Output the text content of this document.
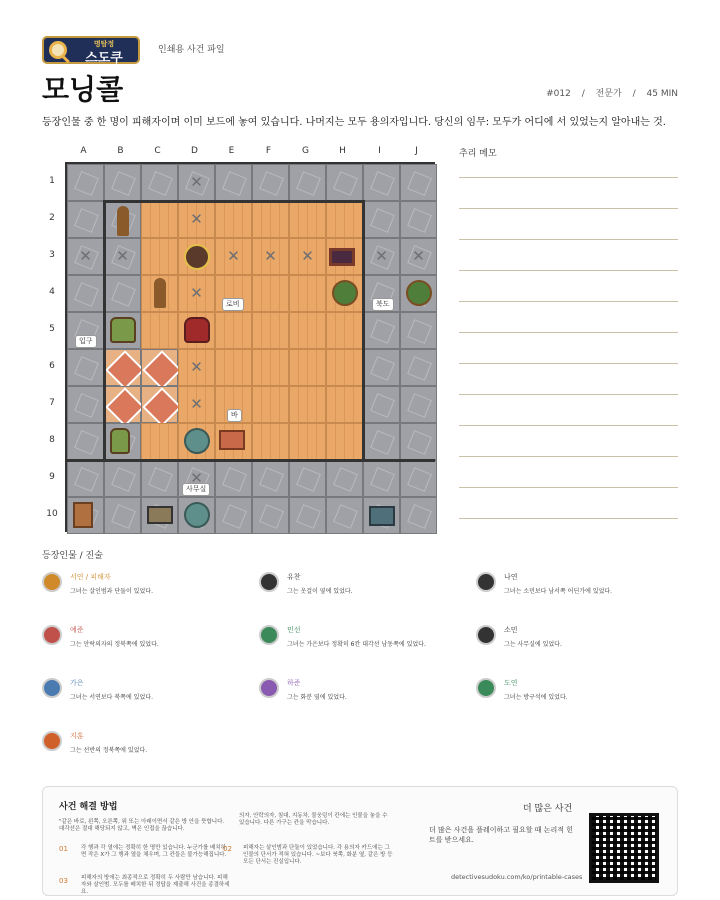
명탐정
스도쿠
인쇄용 사건 파일
모닝콜	#012 / 전문가 / 45 MIN
등장인물 중 한 명이 피해자이며 이미 보드에 놓여 있습니다. 나머지는 모두 용의자입니다. 당신의 임무: 모두가 어디에 서 있었는지 알아내는 것.
A	B	C	D	E	F	G	H	I	J
1
2
3
4
5
6
7
8
9
10
로비	북도
입구
바
사무실
✕
✕
✕	✕	✕	✕	✕	✕	✕
✕
✕
✕
✕
추리 메모
등장인물 / 진술
서연 / 피해자
그녀는 살인범과 단둘이 있었다.
유찬
그는 옷걸이 옆에 있었다.
나연
그녀는 소민보다 남서쪽 어딘가에 있었다.
예준
그는 안락의자의 정북쪽에 있었다.
민선
그녀는 가은보다 정확히 6칸 대각선 남동쪽에 있었다.
소민
그는 사무실에 있었다.
가은
그녀는 서연보다 북쪽에 있었다.
하준
그는 화분 옆에 있었다.
도연
그녀는 방구석에 있었다.
지훈
그는 선반의 정북쪽에 있었다.
사건 해결 방법
"같은 바로, 왼쪽, 오른쪽, 위 또는 아래이면서 같은 방 안을 뜻합니다. 대각선은 절대 해당되지 않고, 벽은 인접을 끊습니다.
01 각 행과 각 열에는 정확히 한 명만 있습니다. 누군가를 배치하면 작은 X가 그 행과 열을 채우며, 그 칸들은 불가능해집니다.
의자, 안락의자, 침대, 지동차, 물웅덩이 칸에는 인물을 놓을 수 있습니다. 다른 가구는 칸을 막습니다.
02 피해자는 살인범과 단둘이 있었습니다. 각 용의자 카드에는 그 인물의 단서가 적혀 있습니다. ~보다 북쪽, 화분 옆, 같은 방 등 모든 단서는 진실입니다.
03 피해자의 방에는 최종적으로 정확히 두 사람만 남습니다. 피해자와 살인범. 모두를 배치한 뒤 정답을 제출해 사건을 종결하세요.
더 많은 사건
더 많은 사건을 플레이하고 필요할 때 논리적 힌트를 받으세요.
detectivesudoku.com/ko/printable-cases
